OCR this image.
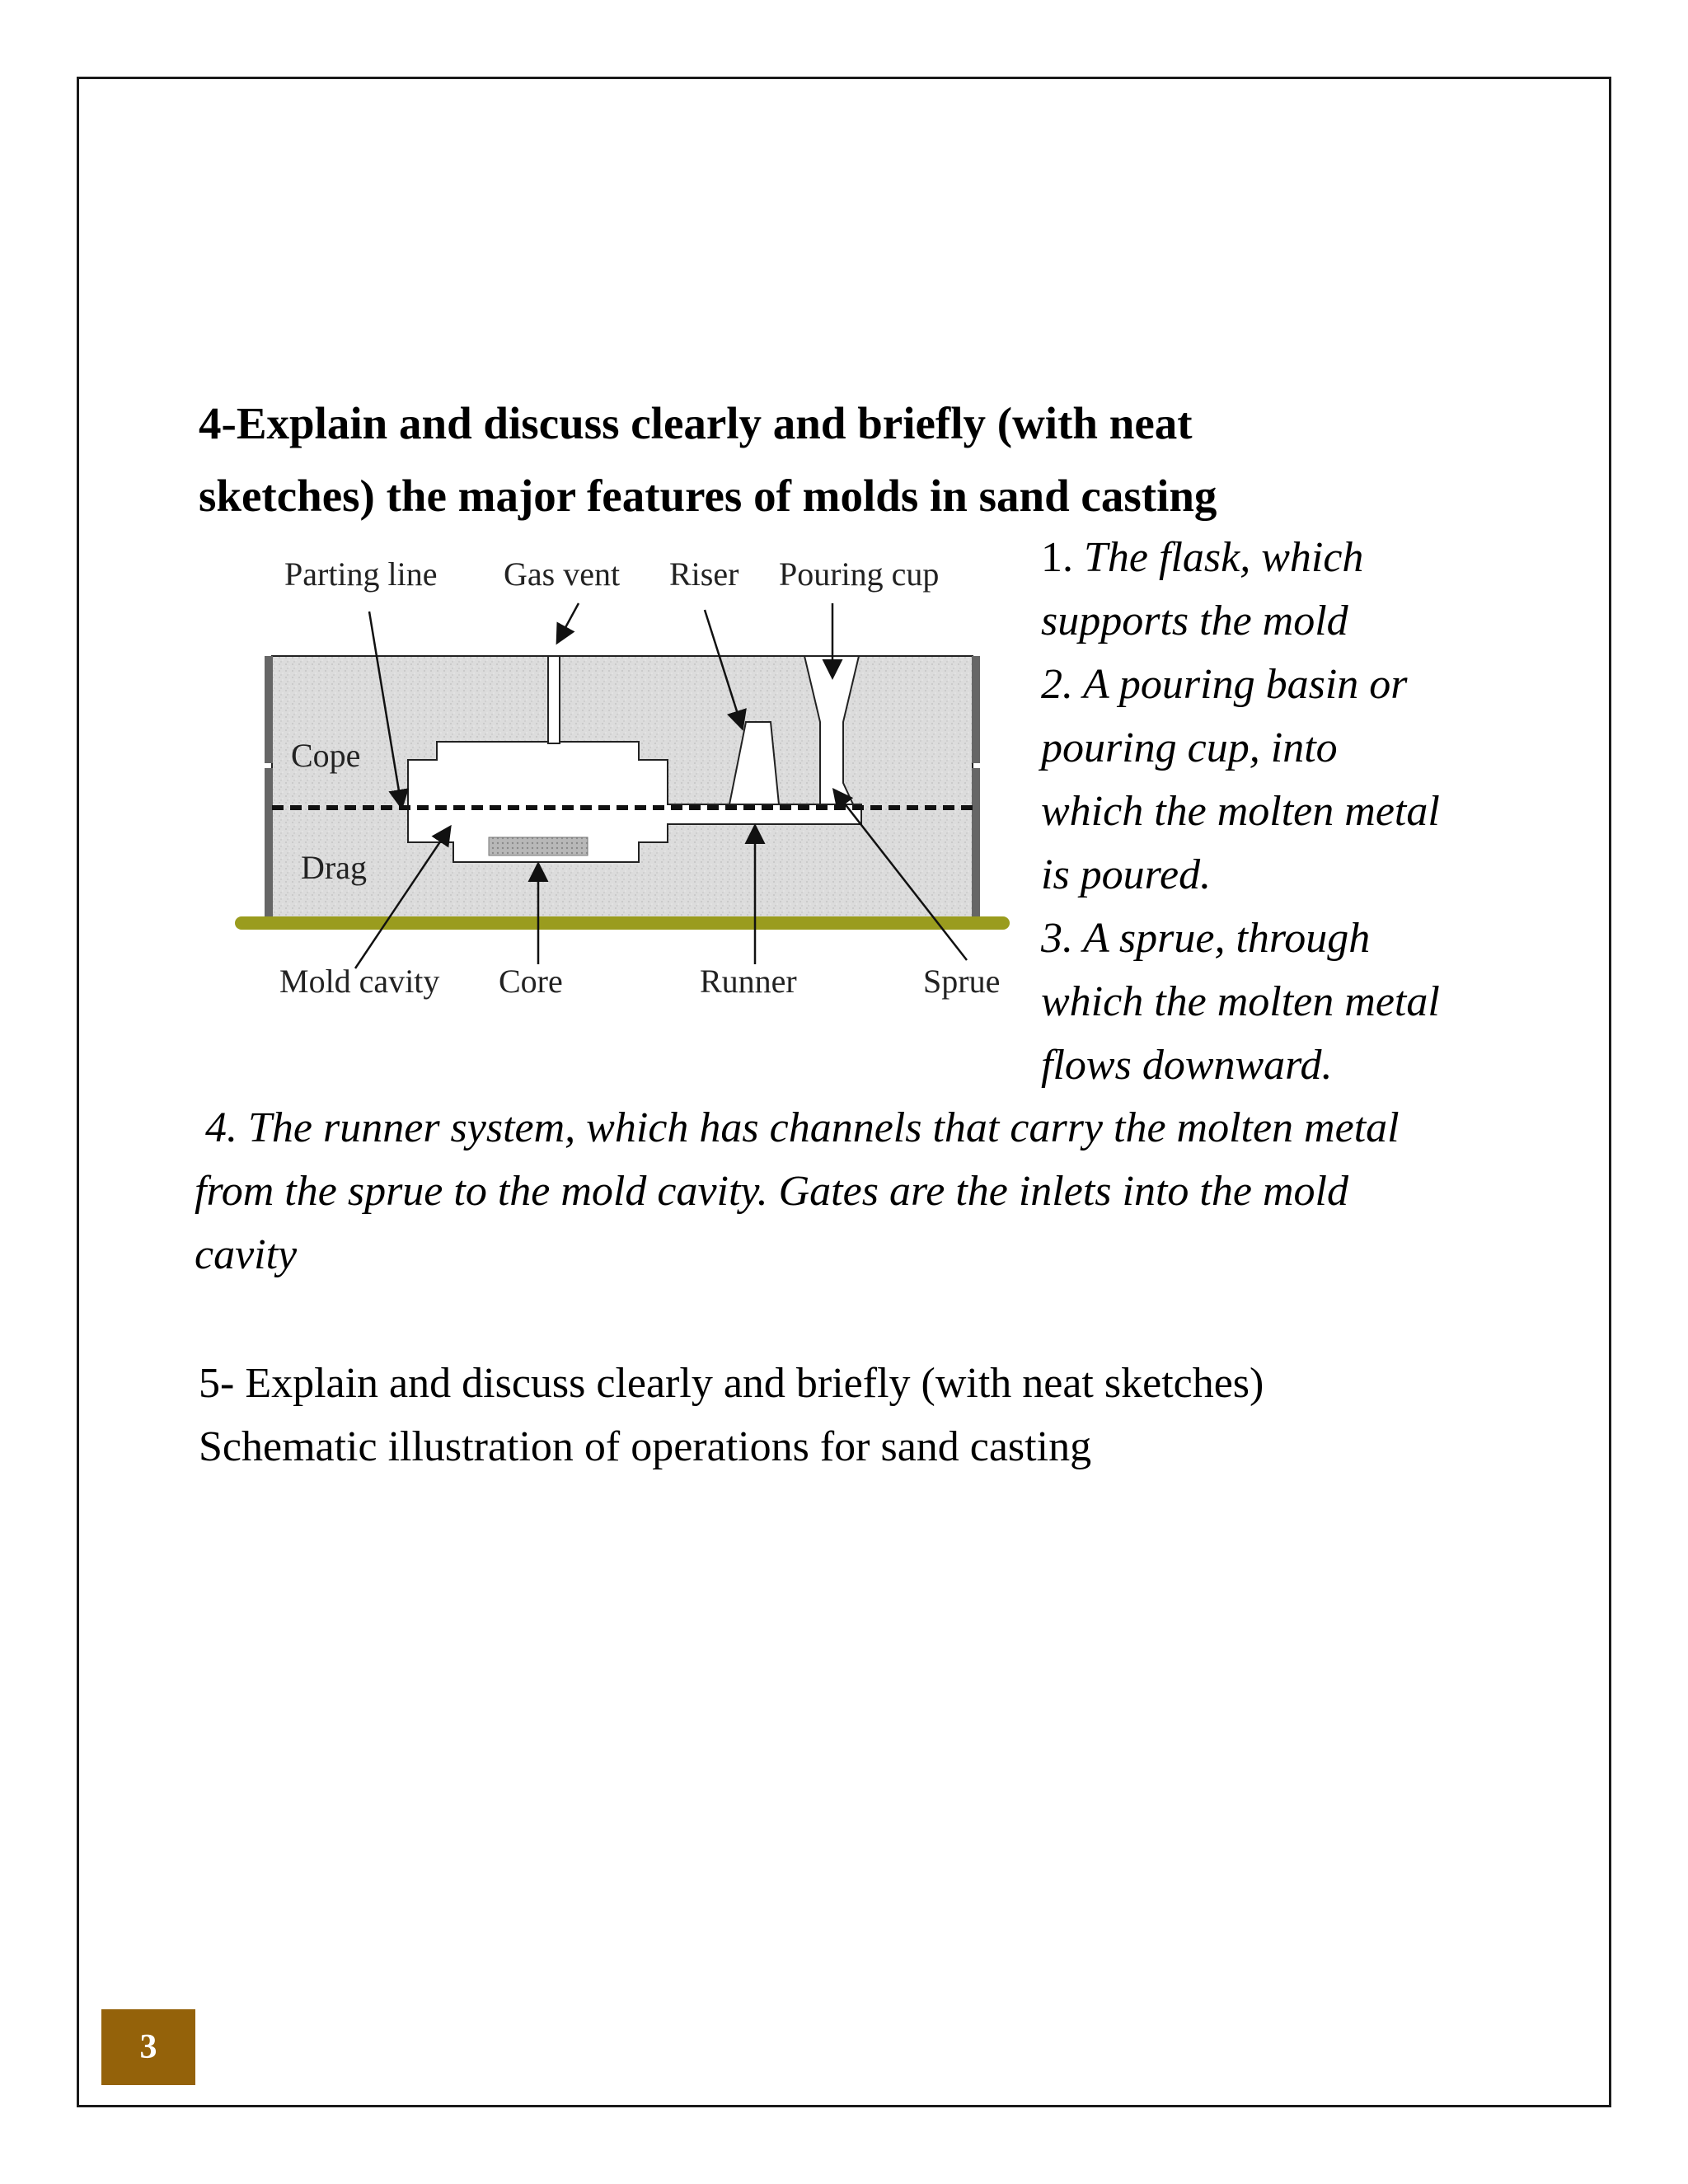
4-Explain and discuss clearly and briefly (with neat
sketches) the major features of molds in sand casting
Parting line Gas vent Riser Pouring cup
Cope
Drag
Mold cavity Core	Runner	Sprue

1. The flask, which

supports the mold

2. A pouring basin or

pouring cup, into

which the molten metal

is poured.

3. A sprue, through

which the molten metal

flows downward.

4. The runner system, which has channels that carry the molten metal
from the sprue to the mold cavity. Gates are the inlets into the mold
cavity

5- Explain and discuss clearly and briefly (with neat sketches)

Schematic illustration of operations for sand casting

3
